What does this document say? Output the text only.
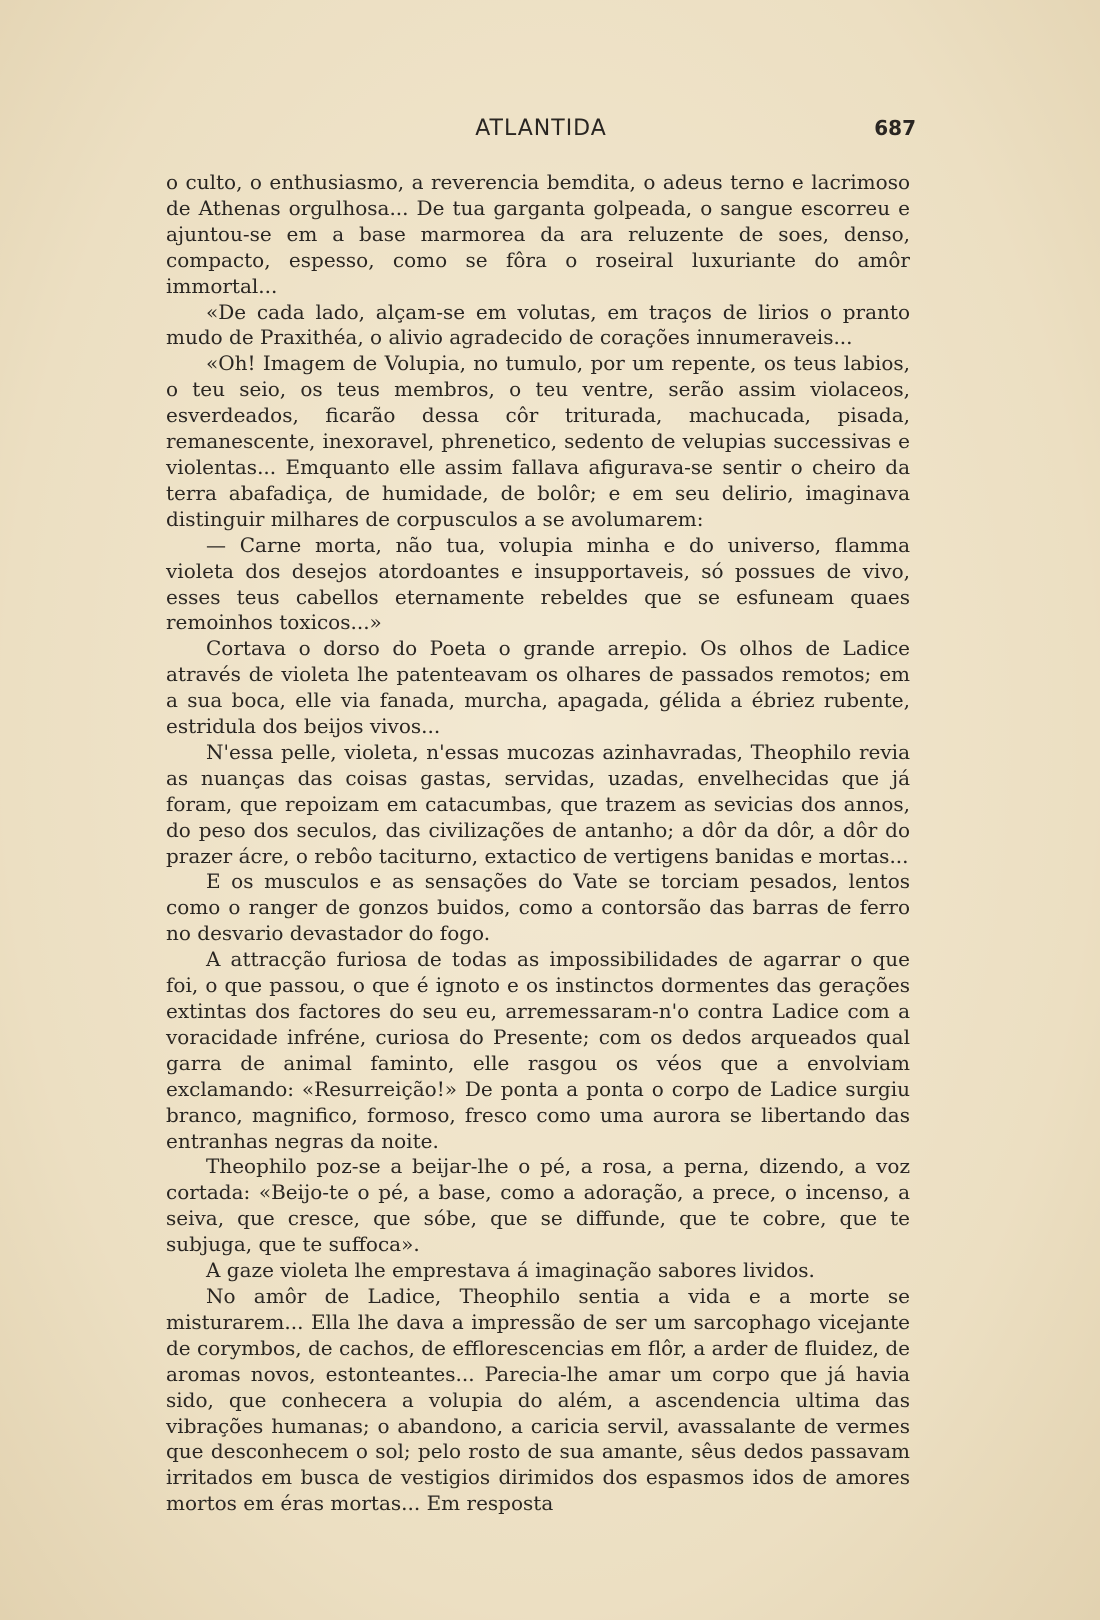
ATLANTIDA	687

o culto, o enthusiasmo, a reverencia bemdita, o adeus terno e lacrimoso de Athenas orgulhosa... De tua garganta golpeada, o sangue escorreu e ajuntou-se em a base marmorea da ara reluzente de soes, denso, compacto, espesso, como se fôra o roseiral luxuriante do amôr immortal...

«De cada lado, alçam-se em volutas, em traços de lirios o pranto mudo de Praxithéa, o alivio agradecido de corações innumeraveis...

«Oh! Imagem de Volupia, no tumulo, por um repente, os teus labios, o teu seio, os teus membros, o teu ventre, serão assim violaceos, esverdeados, ficarão dessa côr triturada, machucada, pisada, remanescente, inexoravel, phrenetico, sedento de velupias successivas e violentas... Emquanto elle assim fallava afigurava-se sentir o cheiro da terra abafadiça, de humidade, de bolôr; e em seu delirio, imaginava distinguir milhares de corpusculos a se avolumarem:

— Carne morta, não tua, volupia minha e do universo, flamma violeta dos desejos atordoantes e insupportaveis, só possues de vivo, esses teus cabellos eternamente rebeldes que se esfuneam quaes remoinhos toxicos...»

Cortava o dorso do Poeta o grande arrepio. Os olhos de Ladice através de violeta lhe patenteavam os olhares de passados remotos; em a sua boca, elle via fanada, murcha, apagada, gélida a ébriez rubente, estridula dos beijos vivos...

N'essa pelle, violeta, n'essas mucozas azinhavradas, Theophilo revia as nuanças das coisas gastas, servidas, uzadas, envelhecidas que já foram, que repoizam em catacumbas, que trazem as sevicias dos annos, do peso dos seculos, das civilizações de antanho; a dôr da dôr, a dôr do prazer ácre, o rebôo taciturno, extactico de vertigens banidas e mortas...

E os musculos e as sensações do Vate se torciam pesados, lentos como o ranger de gonzos buidos, como a contorsão das barras de ferro no desvario devastador do fogo.

A attracção furiosa de todas as impossibilidades de agarrar o que foi, o que passou, o que é ignoto e os instinctos dormentes das gerações extintas dos factores do seu eu, arremessaram-n'o contra Ladice com a voracidade infréne, curiosa do Presente; com os dedos arqueados qual garra de animal faminto, elle rasgou os véos que a envolviam exclamando: «Resurreição!» De ponta a ponta o corpo de Ladice surgiu branco, magnifico, formoso, fresco como uma aurora se libertando das entranhas negras da noite.

Theophilo poz-se a beijar-lhe o pé, a rosa, a perna, dizendo, a voz cortada: «Beijo-te o pé, a base, como a adoração, a prece, o incenso, a seiva, que cresce, que sóbe, que se diffunde, que te cobre, que te subjuga, que te suffoca».

A gaze violeta lhe emprestava á imaginação sabores lividos.

No amôr de Ladice, Theophilo sentia a vida e a morte se misturarem... Ella lhe dava a impressão de ser um sarcophago vicejante de corymbos, de cachos, de efflorescencias em flôr, a arder de fluidez, de aromas novos, estonteantes... Parecia-lhe amar um corpo que já havia sido, que conhecera a volupia do além, a ascendencia ultima das vibrações humanas; o abandono, a caricia servil, avassalante de vermes que desconhecem o sol; pelo rosto de sua amante, sêus dedos passavam irritados em busca de vestigios dirimidos dos espasmos idos de amores mortos em éras mortas... Em resposta
